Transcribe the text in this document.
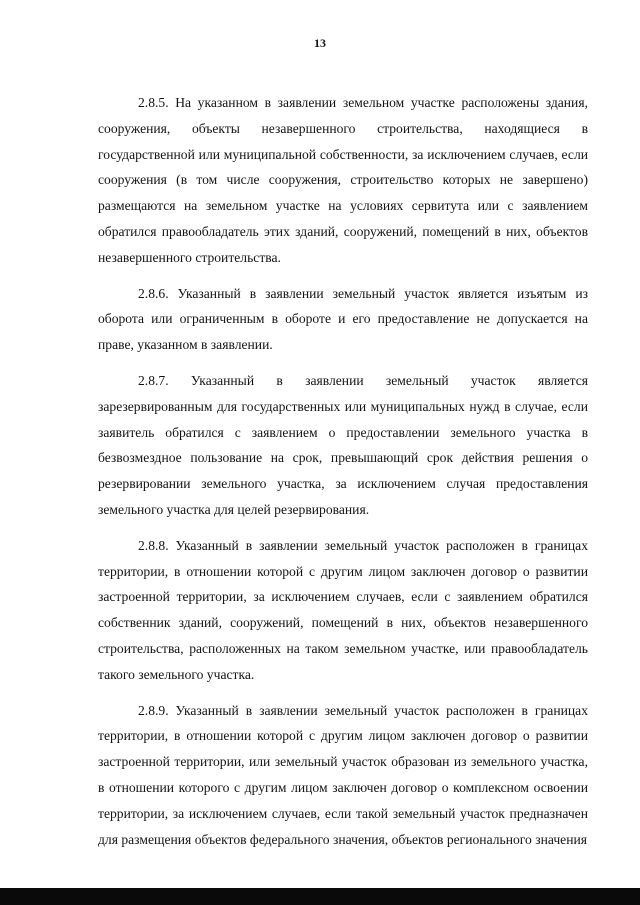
13

2.8.5. На указанном в заявлении земельном участке расположены здания, сооружения, объекты незавершенного строительства, находящиеся в государственной или муниципальной собственности, за исключением случаев, если сооружения (в том числе сооружения, строительство которых не завершено) размещаются на земельном участке на условиях сервитута или с заявлением обратился правообладатель этих зданий, сооружений, помещений в них, объектов незавершенного строительства.

2.8.6. Указанный в заявлении земельный участок является изъятым из оборота или ограниченным в обороте и его предоставление не допускается на праве, указанном в заявлении.

2.8.7. Указанный в заявлении земельный участок является зарезервированным для государственных или муниципальных нужд в случае, если заявитель обратился с заявлением о предоставлении земельного участка в безвозмездное пользование на срок, превышающий срок действия решения о резервировании земельного участка, за исключением случая предоставления земельного участка для целей резервирования.

2.8.8. Указанный в заявлении земельный участок расположен в границах территории, в отношении которой с другим лицом заключен договор о развитии застроенной территории, за исключением случаев, если с заявлением обратился собственник зданий, сооружений, помещений в них, объектов незавершенного строительства, расположенных на таком земельном участке, или правообладатель такого земельного участка.

2.8.9. Указанный в заявлении земельный участок расположен в границах территории, в отношении которой с другим лицом заключен договор о развитии застроенной территории, или земельный участок образован из земельного участка, в отношении которого с другим лицом заключен договор о комплексном освоении территории, за исключением случаев, если такой земельный участок предназначен для размещения объектов федерального значения, объектов регионального значения
